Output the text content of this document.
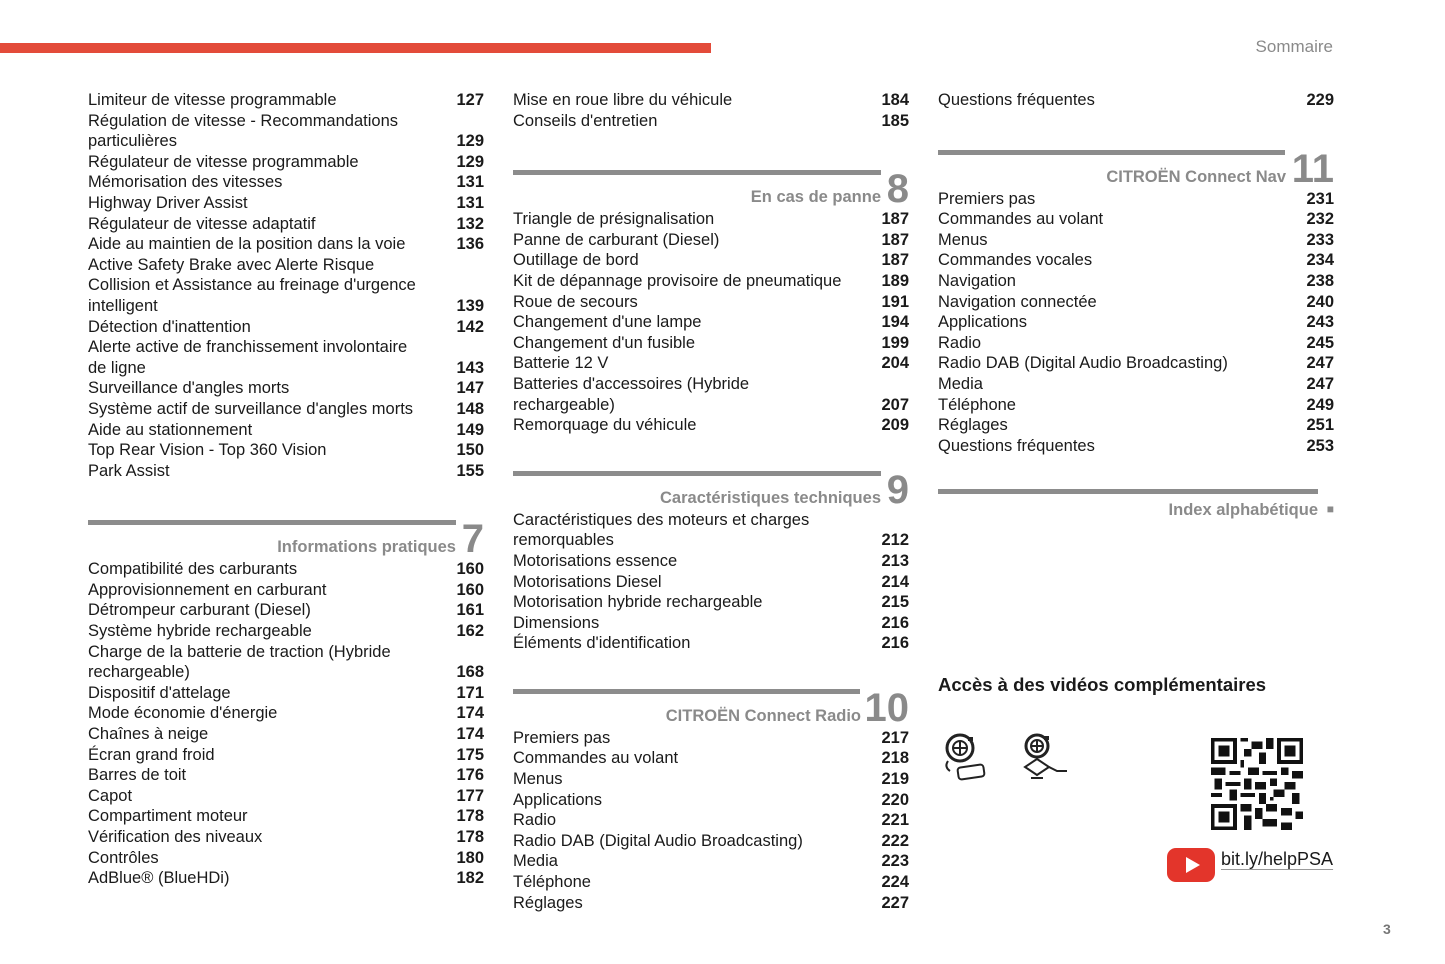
Sommaire
Limiteur de vitesse programmable	127
Régulation de vitesse - Recommandations particulières	129
Régulateur de vitesse programmable	129
Mémorisation des vitesses	131
Highway Driver Assist	131
Régulateur de vitesse adaptatif	132
Aide au maintien de la position dans la voie	136
Active Safety Brake avec Alerte Risque Collision et Assistance au freinage d'urgence intelligent	139
Détection d'inattention	142
Alerte active de franchissement involontaire de ligne	143
Surveillance d'angles morts	147
Système actif de surveillance d'angles morts	148
Aide au stationnement	149
Top Rear Vision - Top 360 Vision	150
Park Assist	155
Informations pratiques 7
Compatibilité des carburants	160
Approvisionnement en carburant	160
Détrompeur carburant (Diesel)	161
Système hybride rechargeable	162
Charge de la batterie de traction (Hybride rechargeable)	168
Dispositif d'attelage	171
Mode économie d'énergie	174
Chaînes à neige	174
Écran grand froid	175
Barres de toit	176
Capot	177
Compartiment moteur	178
Vérification des niveaux	178
Contrôles	180
AdBlue® (BlueHDi)	182
Mise en roue libre du véhicule	184
Conseils d'entretien	185
En cas de panne 8
Triangle de présignalisation	187
Panne de carburant (Diesel)	187
Outillage de bord	187
Kit de dépannage provisoire de pneumatique	189
Roue de secours	191
Changement d'une lampe	194
Changement d'un fusible	199
Batterie 12 V	204
Batteries d'accessoires (Hybride rechargeable)	207
Remorquage du véhicule	209
Caractéristiques techniques 9
Caractéristiques des moteurs et charges remorquables	212
Motorisations essence	213
Motorisations Diesel	214
Motorisation hybride rechargeable	215
Dimensions	216
Éléments d'identification	216
CITROËN Connect Radio 10
Premiers pas	217
Commandes au volant	218
Menus	219
Applications	220
Radio	221
Radio DAB (Digital Audio Broadcasting)	222
Media	223
Téléphone	224
Réglages	227
Questions fréquentes	229
CITROËN Connect Nav 11
Premiers pas	231
Commandes au volant	232
Menus	233
Commandes vocales	234
Navigation	238
Navigation connectée	240
Applications	243
Radio	245
Radio DAB (Digital Audio Broadcasting)	247
Media	247
Téléphone	249
Réglages	251
Questions fréquentes	253
Index alphabétique ■
Accès à des vidéos complémentaires
bit.ly/helpPSA
3
